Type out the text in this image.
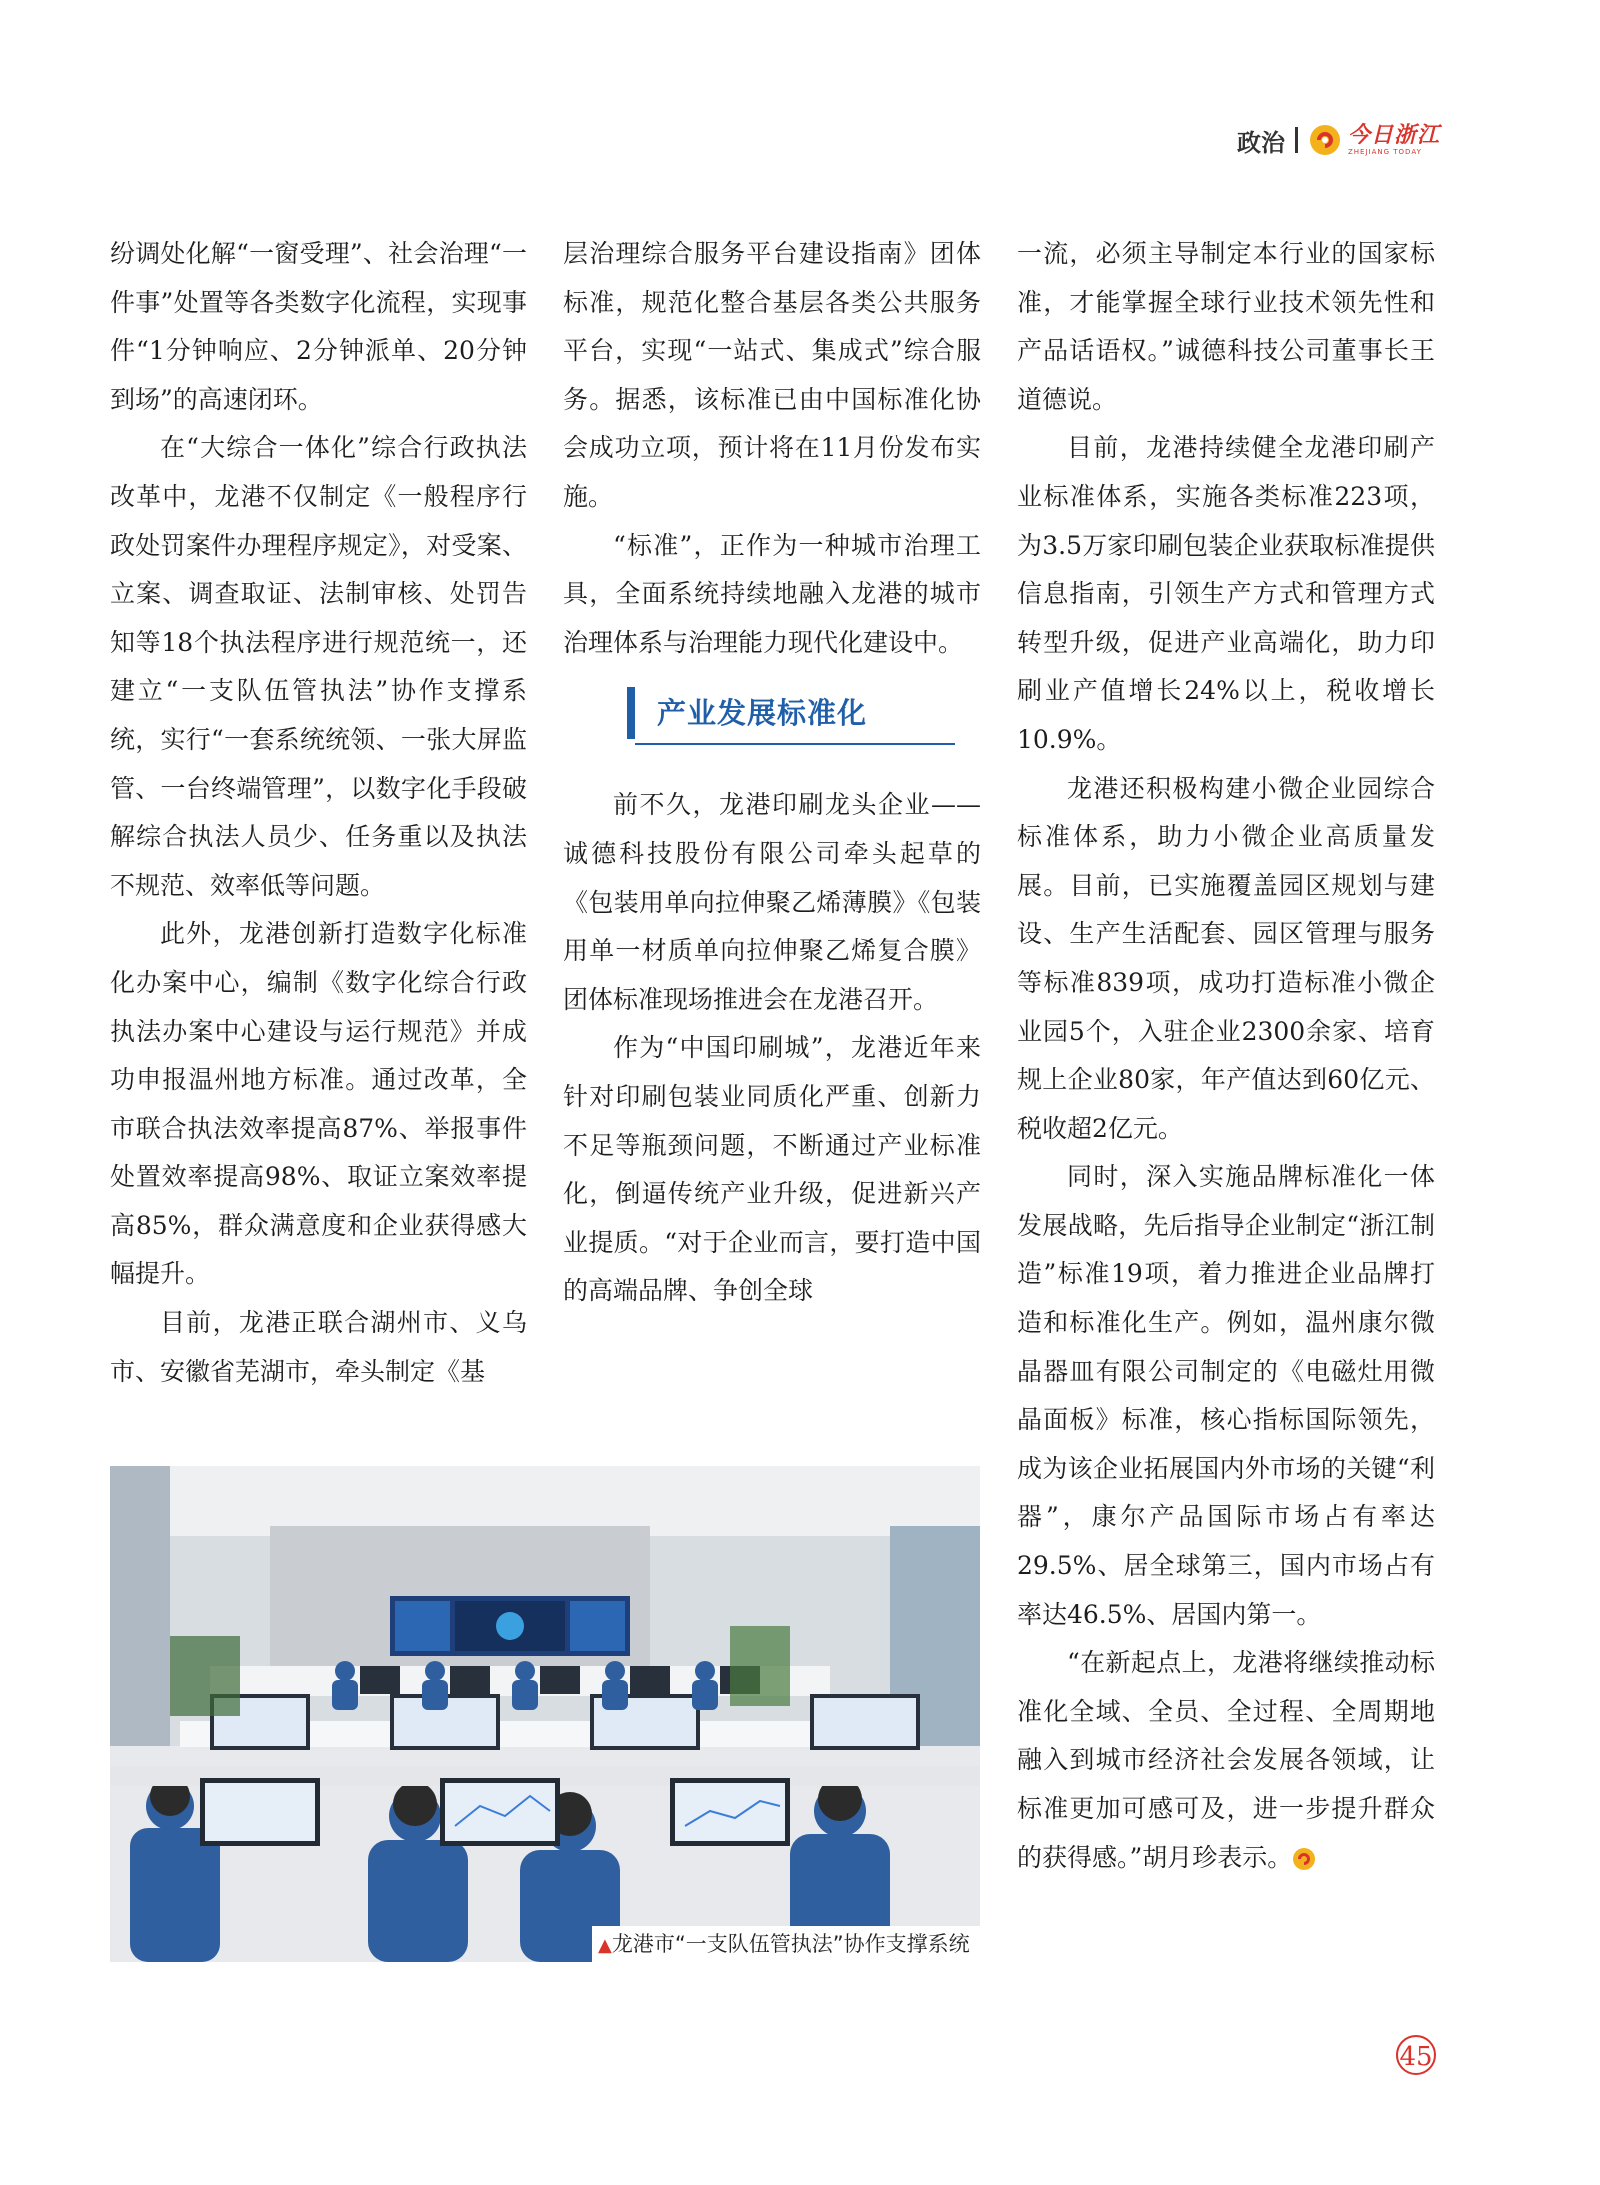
政治	今日浙江
ZHEJIANG TODAY

纷调处化解“一窗受理”、社会治理“一件事”处置等各类数字化流程，实现事件“1分钟响应、2分钟派单、20分钟到场”的高速闭环。

在“大综合一体化”综合行政执法改革中，龙港不仅制定《一般程序行政处罚案件办理程序规定》，对受案、立案、调查取证、法制审核、处罚告知等18个执法程序进行规范统一，还建立“一支队伍管执法”协作支撑系统，实行“一套系统统领、一张大屏监管、一台终端管理”，以数字化手段破解综合执法人员少、任务重以及执法不规范、效率低等问题。

此外，龙港创新打造数字化标准化办案中心，编制《数字化综合行政执法办案中心建设与运行规范》并成功申报温州地方标准。通过改革，全市联合执法效率提高87%、举报事件处置效率提高98%、取证立案效率提高85%，群众满意度和企业获得感大幅提升。

目前，龙港正联合湖州市、义乌市、安徽省芜湖市，牵头制定《基

层治理综合服务平台建设指南》团体标准，规范化整合基层各类公共服务平台，实现“一站式、集成式”综合服务。据悉，该标准已由中国标准化协会成功立项，预计将在11月份发布实施。

“标准”，正作为一种城市治理工具，全面系统持续地融入龙港的城市治理体系与治理能力现代化建设中。

产业发展标准化

前不久，龙港印刷龙头企业——诚德科技股份有限公司牵头起草的《包装用单向拉伸聚乙烯薄膜》《包装用单一材质单向拉伸聚乙烯复合膜》团体标准现场推进会在龙港召开。

作为“中国印刷城”，龙港近年来针对印刷包装业同质化严重、创新力不足等瓶颈问题，不断通过产业标准化，倒逼传统产业升级，促进新兴产业提质。“对于企业而言，要打造中国的高端品牌、争创全球

一流，必须主导制定本行业的国家标准，才能掌握全球行业技术领先性和产品话语权。”诚德科技公司董事长王道德说。

目前，龙港持续健全龙港印刷产业标准体系，实施各类标准223项，为3.5万家印刷包装企业获取标准提供信息指南，引领生产方式和管理方式转型升级，促进产业高端化，助力印刷业产值增长24%以上，税收增长10.9%。

龙港还积极构建小微企业园综合标准体系，助力小微企业高质量发展。目前，已实施覆盖园区规划与建设、生产生活配套、园区管理与服务等标准839项，成功打造标准小微企业园5个，入驻企业2300余家、培育规上企业80家，年产值达到60亿元、税收超2亿元。

同时，深入实施品牌标准化一体发展战略，先后指导企业制定“浙江制造”标准19项，着力推进企业品牌打造和标准化生产。例如，温州康尔微晶器皿有限公司制定的《电磁灶用微晶面板》标准，核心指标国际领先，成为该企业拓展国内外市场的关键“利器”，康尔产品国际市场占有率达29.5%、居全球第三，国内市场占有率达46.5%、居国内第一。

“在新起点上，龙港将继续推动标准化全域、全员、全过程、全周期地融入到城市经济社会发展各领域，让标准更加可感可及，进一步提升群众的获得感。”胡月珍表示。

▲龙港市“一支队伍管执法”协作支撑系统
45
